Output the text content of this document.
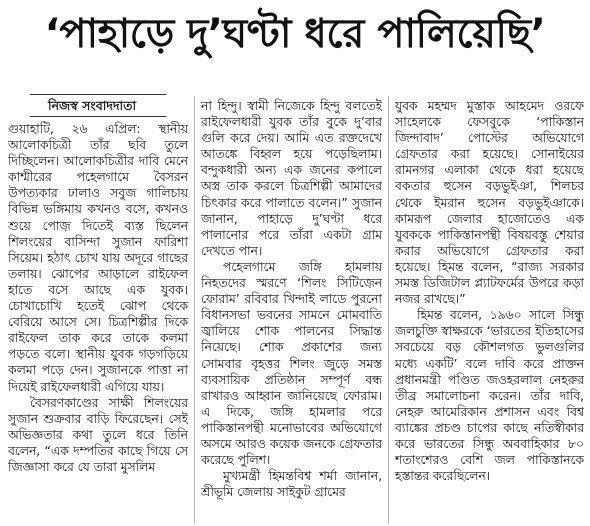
‘পাহাড়ে দু’ঘণ্টা ধরে পালিয়েছি’
নিজস্ব সংবাদদাতা

গুয়াহাটি, ২৬ এপ্রিল: স্থানীয় আলোকচিত্রী তাঁর ছবি তুলে দিচ্ছিলেন। আলোকচিত্রীর দাবি মেনে কাশ্মীরের পহেলগামে বৈসরন উপত্যকার ঢালাও সবুজ গালিচায় বিভিন্ন ভঙ্গিমায় কখনও বসে, কখনও শুয়ে পোজ় দিতেই ব্যস্ত ছিলেন শিলংয়ের বাসিন্দা সুজান ফারিশা সিয়েম। হঠাৎ চোখ যায় অদূরে গাছের তলায়। ঝোপের আড়ালে রাইফেল হাতে বসে আছে এক যুবক। চোখাচোখি হতেই ঝোপ থেকে বেরিয়ে আসে সে। চিত্রশিল্পীর দিকে রাইফেল তাক করে তাকে কলমা পড়তে বলে। স্থানীয় যুবক গড়গড়িয়ে কলমা পড়ে দেন। সুজানকে পাত্তা না দিয়েই রাইফেলধারী এগিয়ে যায়।

বৈসরণকাণ্ডের সাক্ষী শিলংয়ের সুজান শুক্রবার বাড়ি ফিরেছেন। সেই অভিজ্ঞতার কথা তুলে ধরে তিনি বলেন, “এক দম্পতির কাছে গিয়ে সে জিজ্ঞাসা করে যে তারা মুসলিম

না হিন্দু। স্বামী নিজেকে হিন্দু বলতেই রাইফেলধারী যুবক তাঁর বুকে দু’বার গুলি করে দেয়। আমি এত রক্তদেখে আতঙ্কে বিহ্বল হয়ে পড়েছিলাম। বন্দুকধারী অন্য এক জনের কপালে অস্ত্র তাক করলে চিত্রশিল্পী আমাদের চিৎকার করে পালাতে বলেন।” সুজান জানান, পাহাড়ে দু’ঘণ্টা ধরে পালানোর পরে তাঁরা একটা গ্রাম দেখতে পান।

পহেলগামে জঙ্গি হামলায় নিহতদের স্মরণে ‘শিলং সিটিজ়েন ফোরাম’ রবিবার খিন্দাই লাডে পুরনো বিধানসভা ভবনের সামনে মোমবাতি জ্বালিয়ে শোক পালনের সিদ্ধান্ত নিয়েছে। শোক প্রকাশের জন্য সোমবার বৃহত্তর শিলং জুড়ে সমস্ত ব্যবসায়িক প্রতিষ্ঠান সম্পূর্ণ বন্ধ রাখারও আহ্বান জানিয়েছে ফোরাম। এ দিকে, জঙ্গি হামলার পরে পাকিস্তানপন্থী মনোভাবের অভিযোগে অসমে আরও কয়েক জনকে গ্রেফতার করেছে পুলিশ।

মুখ্যমন্ত্রী হিমন্তবিশ্ব শর্মা জানান, শ্রীভূমি জেলায় সাইকুট গ্রামের

যুবক মহম্মদ মুস্তাক আহমেদ ওরফে সাহেলকে ফেসবুকে ‘পাকিস্তান জিন্দাবাদ’ পোস্টের অভিযোগে গ্রেফতার করা হয়েছে। সোনাইয়ের রামনগর এলাকা থেকে ধরা হয়েছে বকতার হুসেন বড়ভুইঞা, শিলচর থেকে ইমরান হুসেন বড়ভুইঞাকে। কামরূপ জেলার হাজোতেও এক যুবককে পাকিস্তানপন্থী বিষয়বস্তু শেয়ার করার অভিযোগে গ্রেফতার করা হয়েছে। হিমন্ত বলেন, “রাজ্য সরকার সমস্ত ডিজিটাল প্ল্যাটফর্মের উপরে কড়া নজর রাখছে।”

হিমন্ত বলেন, ১৯৬০ সালে সিন্ধু জলচুক্তি স্বাক্ষরকে ‘ভারতের ইতিহাসের সবচেয়ে বড় কৌশলগত ভুলগুলির মধ্যে একটি’ বলে দাবি করে প্রাক্তন প্রধানমন্ত্রী পণ্ডিত জওহরলাল নেহরুর তীব্র সমালোচনা করেন। তাঁর দাবি, নেহরু আমেরিকান প্রশাসন এবং বিশ্ব ব্যাঙ্কের প্রচণ্ড চাপের কাছে নতিস্বীকার করে ভারতের সিন্ধু অববাহিকার ৮০ শতাংশেরও বেশি জল পাকিস্তানকে হস্তান্তর করেছিলেন।
